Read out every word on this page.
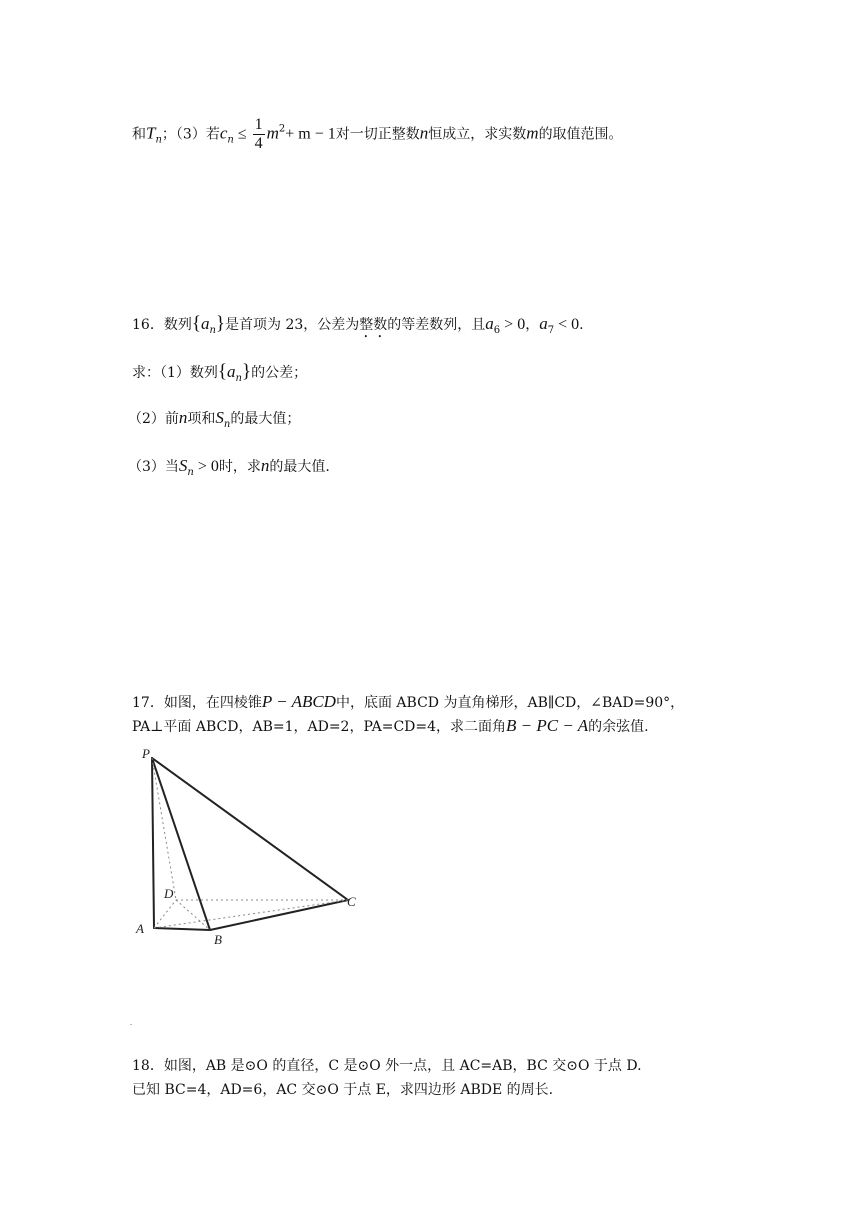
和$T_n$；（3）若$c_n \le \frac{1}{4} m^2+ m - 1$对一切正整数n恒成立，求实数m的取值范围。
16．数列$\{a_n\}$是首项为 23，公差为整数的等差数列，且$a_6 > 0$，$a_7 < 0$.
求：（1）数列$\{a_n\}$的公差；
（2）前n项和$S_n$的最大值；
（3）当$S_n > 0$时，求n的最大值.
17．如图，在四棱锥P − ABCD中，底面 ABCD 为直角梯形，AB∥CD，∠BAD=90°，
PA⊥平面 ABCD，AB=1，AD=2，PA=CD=4，求二面角B − PC − A的余弦值.
P
A
B
C
D
18．如图，AB 是⊙O 的直径，C 是⊙O 外一点，且 AC=AB，BC 交⊙O 于点 D.
已知 BC=4，AD=6，AC 交⊙O 于点 E，求四边形 ABDE 的周长.
